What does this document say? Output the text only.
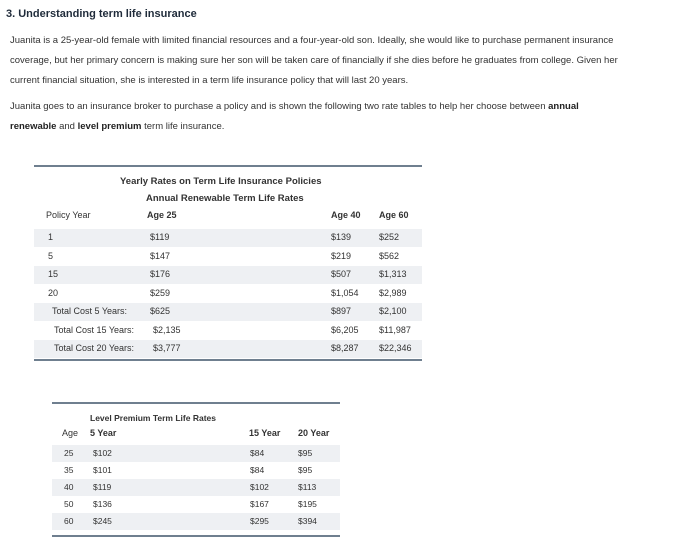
3. Understanding term life insurance
Juanita is a 25-year-old female with limited financial resources and a four-year-old son. Ideally, she would like to purchase permanent insurance
coverage, but her primary concern is making sure her son will be taken care of financially if she dies before he graduates from college. Given her
current financial situation, she is interested in a term life insurance policy that will last 20 years.
Juanita goes to an insurance broker to purchase a policy and is shown the following two rate tables to help her choose between annual
renewable and level premium term life insurance.
Yearly Rates on Term Life Insurance Policies
Annual Renewable Term Life Rates
Policy Year	Age 25	Age 40 Age 60
1	$119	$139	$252
5	$147	$219	$562
15	$176	$507	$1,313
20	$259	$1,054 $2,989
Total Cost 5 Years:	$625	$897	$2,100
Total Cost 15 Years: $2,135	$6,205 $11,987
Total Cost 20 Years: $3,777	$8,287 $22,346
Level Premium Term Life Rates
Age 5 Year	15 Year 20 Year
25 $102	$84	$95
35 $101	$84	$95
40 $119	$102	$113
50 $136	$167	$195
60 $245	$295	$394
